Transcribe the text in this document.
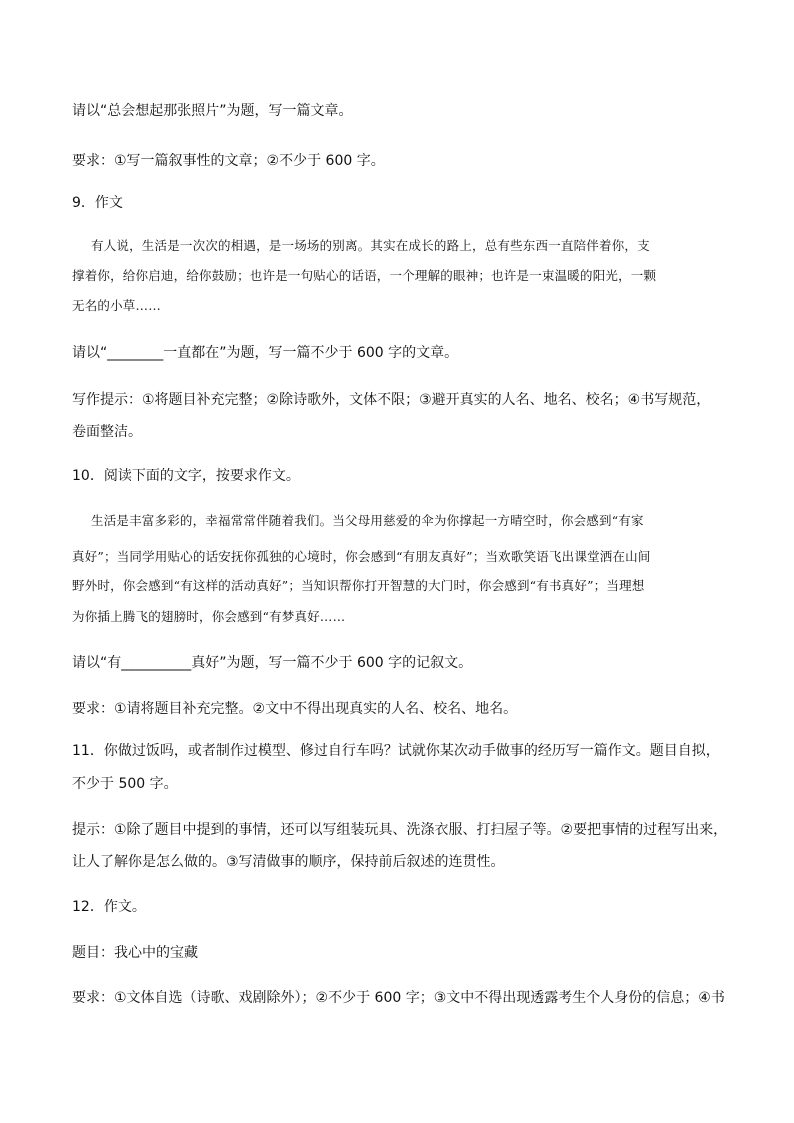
请以“总会想起那张照片”为题，写一篇文章。
要求：①写一篇叙事性的文章；②不少于 600 字。
9．作文
有人说，生活是一次次的相遇，是一场场的别离。其实在成长的路上，总有些东西一直陪伴着你，支
撑着你，给你启迪，给你鼓励；也许是一句贴心的话语，一个理解的眼神；也许是一束温暖的阳光，一颗
无名的小草……
请以“________一直都在”为题，写一篇不少于 600 字的文章。
写作提示：①将题目补充完整；②除诗歌外，文体不限；③避开真实的人名、地名、校名；④书写规范，
卷面整洁。
10．阅读下面的文字，按要求作文。
生活是丰富多彩的，幸福常常伴随着我们。当父母用慈爱的伞为你撑起一方晴空时，你会感到“有家
真好”；当同学用贴心的话安抚你孤独的心境时，你会感到“有朋友真好”；当欢歌笑语飞出课堂洒在山间
野外时，你会感到“有这样的活动真好”；当知识帮你打开智慧的大门时，你会感到“有书真好”；当理想
为你插上腾飞的翅膀时，你会感到“有梦真好……
请以“有__________真好”为题，写一篇不少于 600 字的记叙文。
要求：①请将题目补充完整。②文中不得出现真实的人名、校名、地名。
11．你做过饭吗，或者制作过模型、修过自行车吗？试就你某次动手做事的经历写一篇作文。题目自拟，
不少于 500 字。
提示：①除了题目中提到的事情，还可以写组装玩具、洗涤衣服、打扫屋子等。②要把事情的过程写出来，
让人了解你是怎么做的。③写清做事的顺序，保持前后叙述的连贯性。
12．作文。
题目：我心中的宝藏
要求：①文体自选（诗歌、戏剧除外）；②不少于 600 字；③文中不得出现透露考生个人身份的信息；④书
